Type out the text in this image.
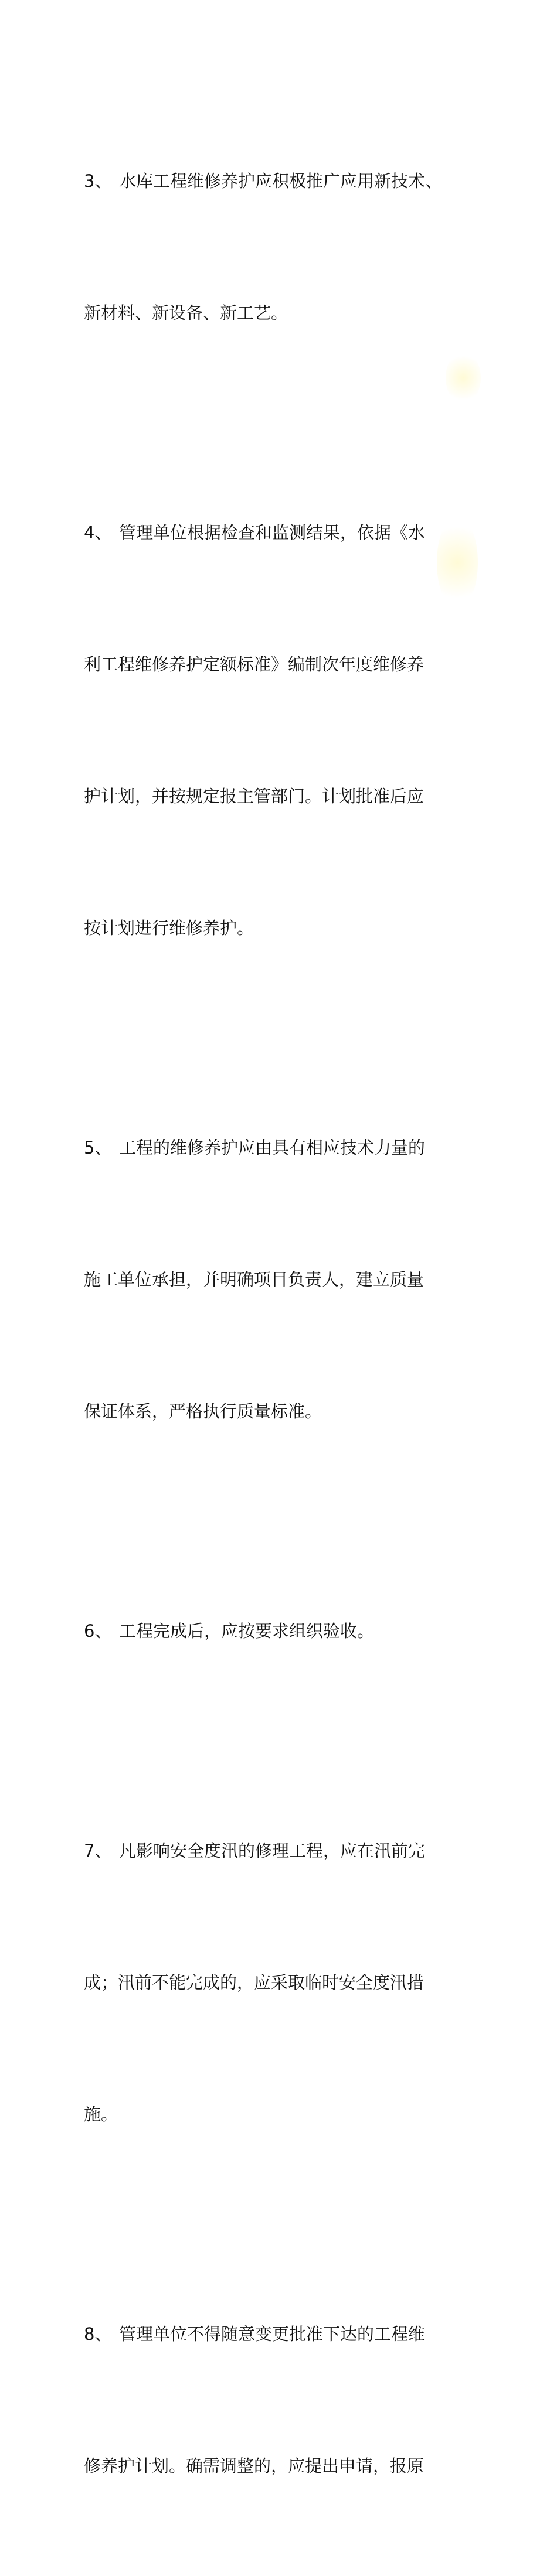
3、 水库工程维修养护应积极推广应用新技术、

新材料、新设备、新工艺。

4、 管理单位根据检查和监测结果，依据《水

利工程维修养护定额标准》编制次年度维修养

护计划，并按规定报主管部门。计划批准后应

按计划进行维修养护。

5、 工程的维修养护应由具有相应技术力量的

施工单位承担，并明确项目负责人，建立质量

保证体系，严格执行质量标准。

6、 工程完成后，应按要求组织验收。

7、 凡影响安全度汛的修理工程，应在汛前完

成；汛前不能完成的，应采取临时安全度汛措

施。

8、 管理单位不得随意变更批准下达的工程维

修养护计划。确需调整的，应提出申请，报原
